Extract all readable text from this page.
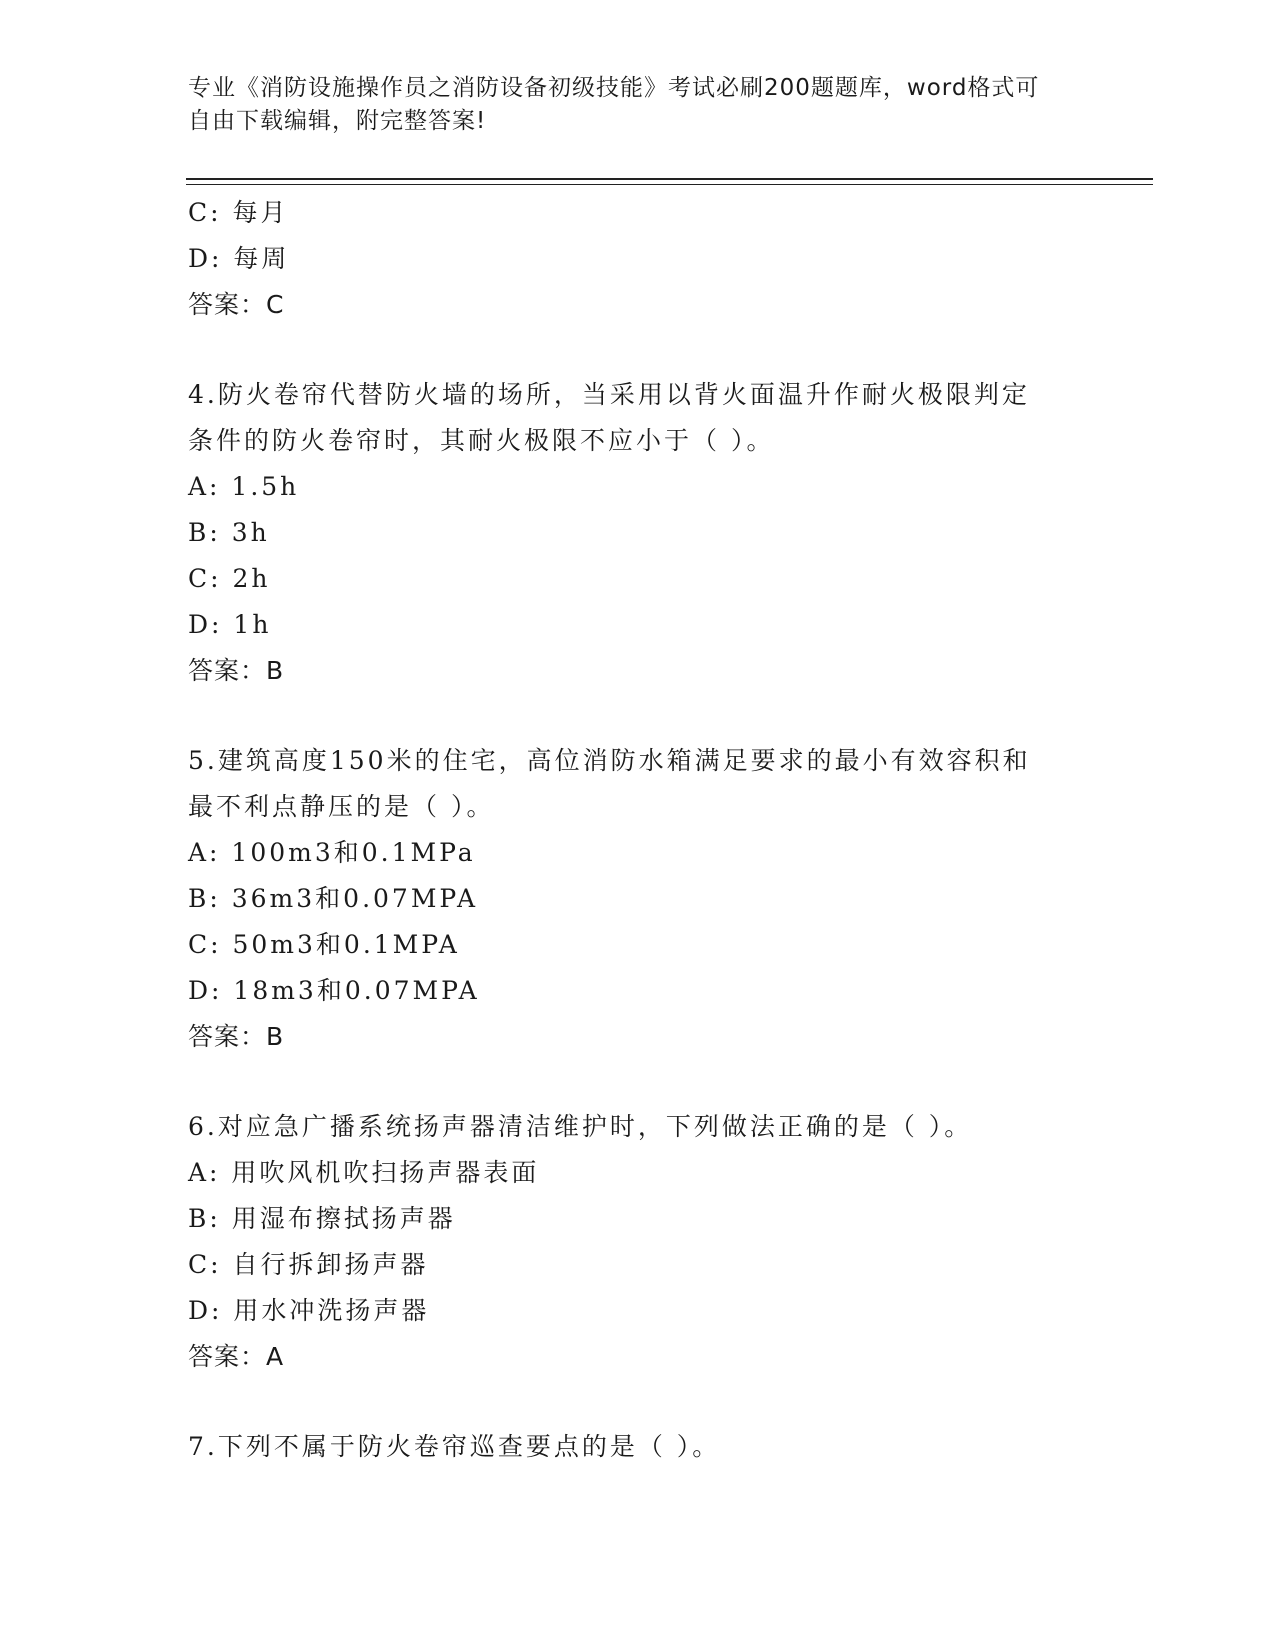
专业《消防设施操作员之消防设备初级技能》考试必刷200题题库，word格式可
自由下载编辑，附完整答案!
C: 每月
D: 每周
答案：C
4.防火卷帘代替防火墙的场所，当采用以背火面温升作耐火极限判定
条件的防火卷帘时，其耐火极限不应小于（ ）。
A: 1.5h
B: 3h
C: 2h
D: 1h
答案：B
5.建筑高度150米的住宅，高位消防水箱满足要求的最小有效容积和
最不利点静压的是（ ）。
A: 100m3和0.1MPa
B: 36m3和0.07MPA
C: 50m3和0.1MPA
D: 18m3和0.07MPA
答案：B
6.对应急广播系统扬声器清洁维护时，下列做法正确的是（ ）。
A: 用吹风机吹扫扬声器表面
B: 用湿布擦拭扬声器
C: 自行拆卸扬声器
D: 用水冲洗扬声器
答案：A
7.下列不属于防火卷帘巡查要点的是（ ）。
